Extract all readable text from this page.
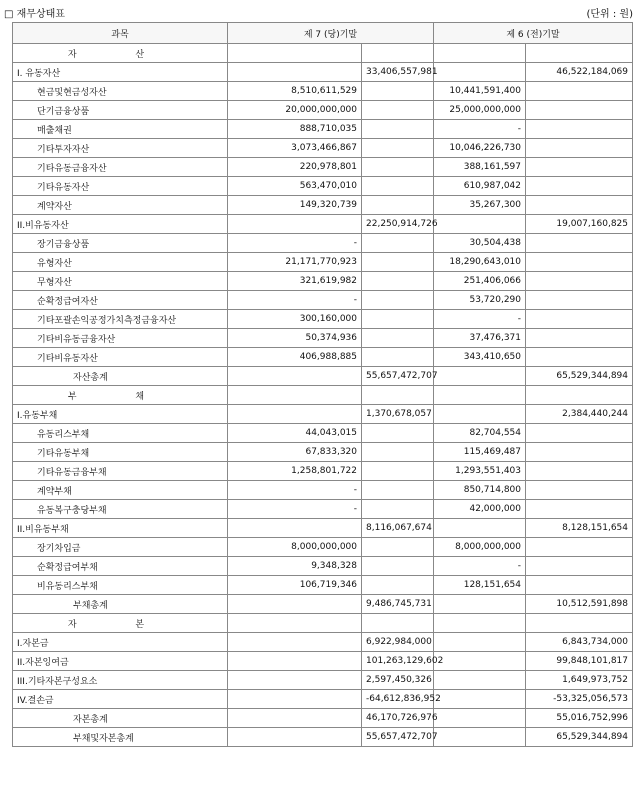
□ 재무상태표	(단위 : 원)
과목	제 7 (당)기말		제 6 (전)기말	
자 산				
I. 유동자산		33,406,557,981		46,522,184,069
현금및현금성자산	8,510,611,529		10,441,591,400	
단기금융상품	20,000,000,000		25,000,000,000	
매출채권	888,710,035		-	
기타투자자산	3,073,466,867		10,046,226,730	
기타유동금융자산	220,978,801		388,161,597	
기타유동자산	563,470,010		610,987,042	
계약자산	149,320,739		35,267,300	
II.비유동자산		22,250,914,726		19,007,160,825
장기금융상품	-		30,504,438	
유형자산	21,171,770,923		18,290,643,010	
무형자산	321,619,982		251,406,066	
순확정급여자산	-		53,720,290	
기타포괄손익공정가치측정금융자산	300,160,000		-	
기타비유동금융자산	50,374,936		37,476,371	
기타비유동자산	406,988,885		343,410,650	
자산총계		55,657,472,707		65,529,344,894
부 채				
I.유동부채		1,370,678,057		2,384,440,244
유동리스부채	44,043,015		82,704,554	
기타유동부채	67,833,320		115,469,487	
기타유동금융부채	1,258,801,722		1,293,551,403	
계약부채	-		850,714,800	
유동복구충당부채	-		42,000,000	
II.비유동부채		8,116,067,674		8,128,151,654
장기차입금	8,000,000,000		8,000,000,000	
순확정급여부채	9,348,328		-	
비유동리스부채	106,719,346		128,151,654	
부채총계		9,486,745,731		10,512,591,898
자 본				
I.자본금		6,922,984,000		6,843,734,000
II.자본잉여금		101,263,129,602		99,848,101,817
III.기타자본구성요소		2,597,450,326		1,649,973,752
IV.결손금		-64,612,836,952		-53,325,056,573
자본총계		46,170,726,976		55,016,752,996
부채및자본총계		55,657,472,707		65,529,344,894
